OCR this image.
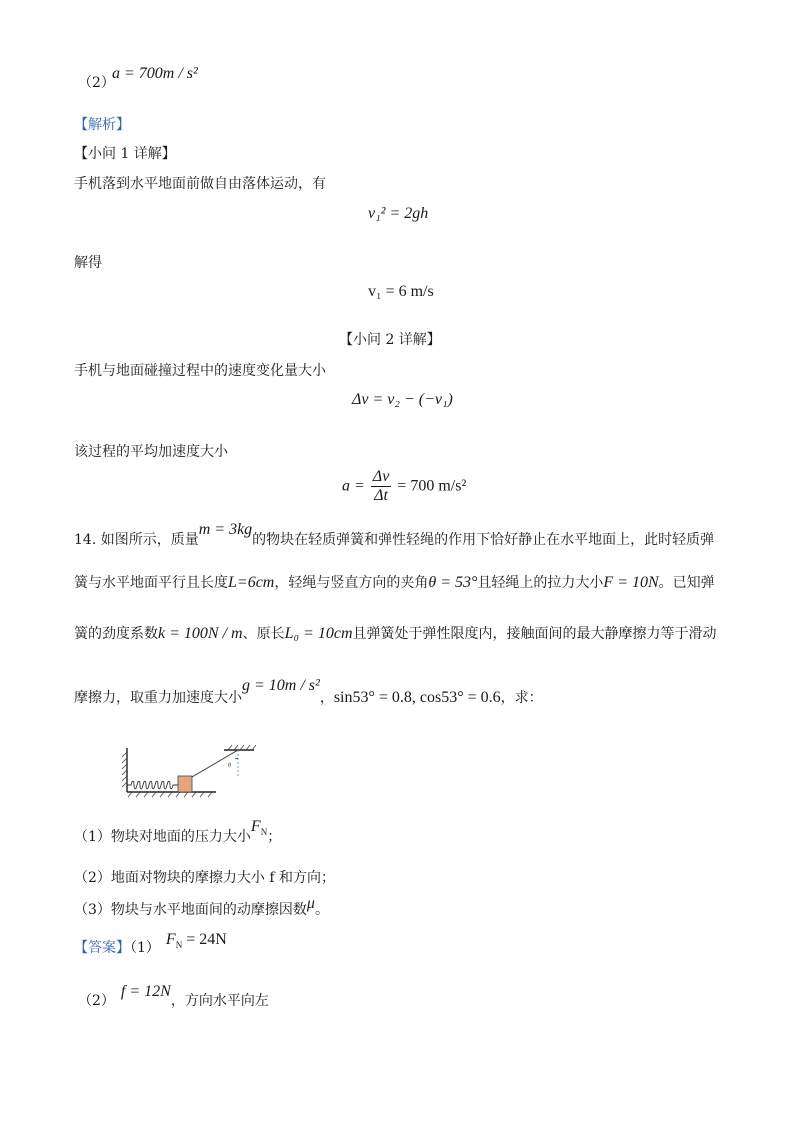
（2）
a = 700m / s²
【解析】
【小问 1 详解】
手机落到水平地面前做自由落体运动，有
v₁² = 2gh
解得
v₁ = 6 m/s
【小问 2 详解】
手机与地面碰撞过程中的速度变化量大小
Δv = v₂ − (−v₁)
该过程的平均加速度大小
$a = \frac{\Delta v}{\Delta t} = 700$ m/s²
14. 如图所示，质量m = 3kg的物块在轻质弹簧和弹性轻绳的作用下恰好静止在水平地面上，此时轻质弹
簧与水平地面平行且长度L=6cm，轻绳与竖直方向的夹角θ = 53°且轻绳上的拉力大小F = 10N。已知弹
簧的劲度系数k = 100N / m、原长L₀ = 10cm且弹簧处于弹性限度内，接触面间的最大静摩擦力等于滑动
摩擦力，取重力加速度大小g = 10m / s²，sin53° = 0.8, cos53° = 0.6，求：
θ
（1）物块对地面的压力大小$F^N$；
（2）地面对物块的摩擦力大小 f 和方向；
（3）物块与水平地面间的动摩擦因数μ。
【答案】（1） $F^N = 24N$
（2）f = 12N，方向水平向左
